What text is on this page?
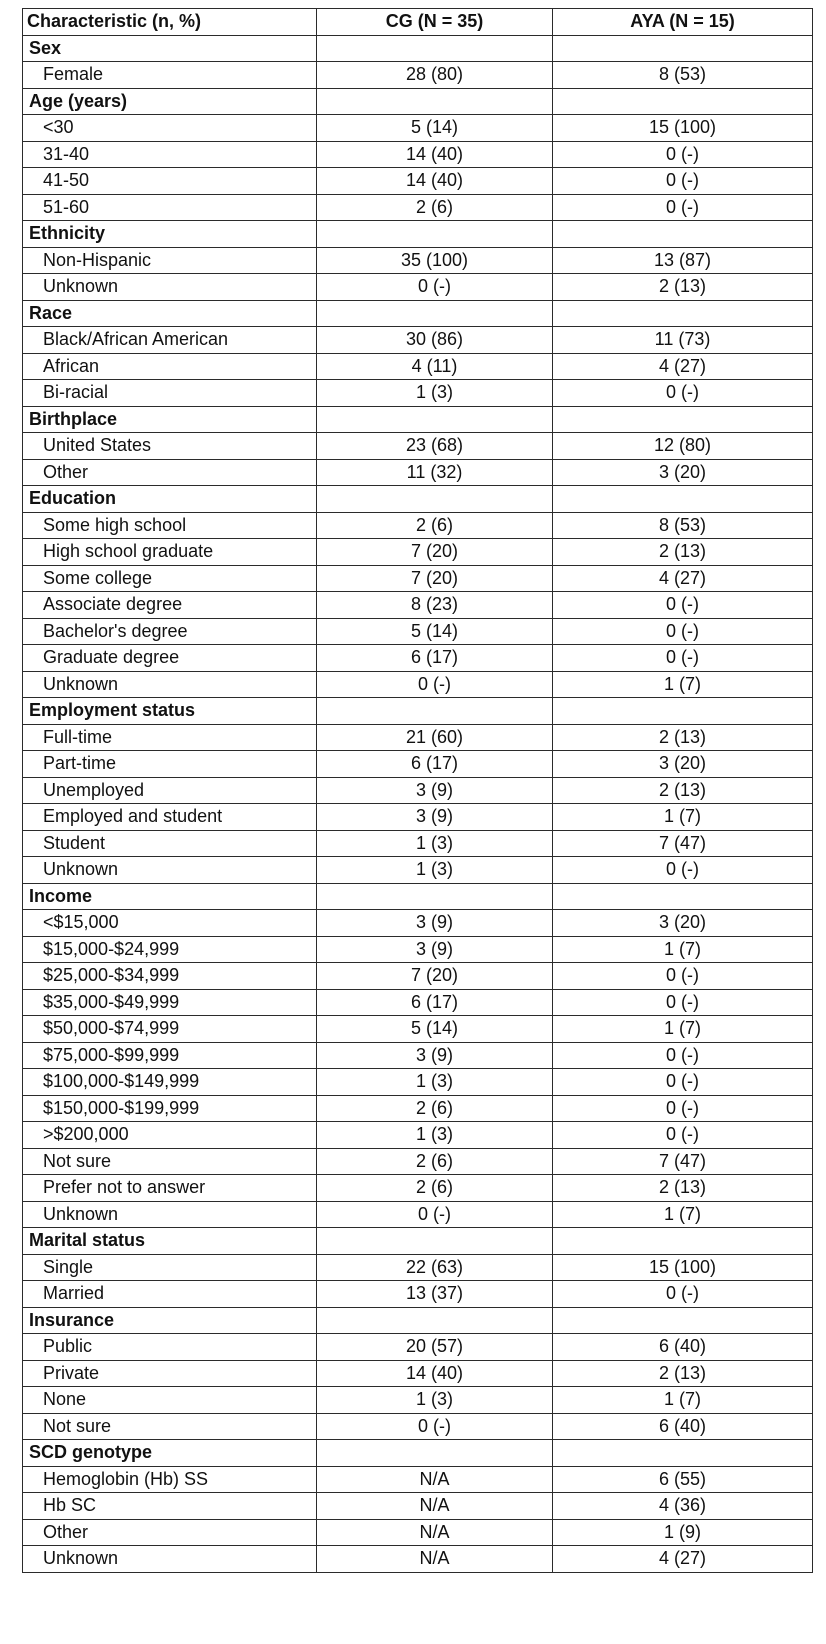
Characteristic (n, %)	CG (N = 35)	AYA (N = 15)
Sex		
Female	28 (80)	8 (53)
Age (years)		
<30	5 (14)	15 (100)
31-40	14 (40)	0 (-)
41-50	14 (40)	0 (-)
51-60	2 (6)	0 (-)
Ethnicity		
Non-Hispanic	35 (100)	13 (87)
Unknown	0 (-)	2 (13)
Race		
Black/African American	30 (86)	11 (73)
African	4 (11)	4 (27)
Bi-racial	1 (3)	0 (-)
Birthplace		
United States	23 (68)	12 (80)
Other	11 (32)	3 (20)
Education		
Some high school	2 (6)	8 (53)
High school graduate	7 (20)	2 (13)
Some college	7 (20)	4 (27)
Associate degree	8 (23)	0 (-)
Bachelor's degree	5 (14)	0 (-)
Graduate degree	6 (17)	0 (-)
Unknown	0 (-)	1 (7)
Employment status		
Full-time	21 (60)	2 (13)
Part-time	6 (17)	3 (20)
Unemployed	3 (9)	2 (13)
Employed and student	3 (9)	1 (7)
Student	1 (3)	7 (47)
Unknown	1 (3)	0 (-)
Income		
<$15,000	3 (9)	3 (20)
$15,000-$24,999	3 (9)	1 (7)
$25,000-$34,999	7 (20)	0 (-)
$35,000-$49,999	6 (17)	0 (-)
$50,000-$74,999	5 (14)	1 (7)
$75,000-$99,999	3 (9)	0 (-)
$100,000-$149,999	1 (3)	0 (-)
$150,000-$199,999	2 (6)	0 (-)
>$200,000	1 (3)	0 (-)
Not sure	2 (6)	7 (47)
Prefer not to answer	2 (6)	2 (13)
Unknown	0 (-)	1 (7)
Marital status		
Single	22 (63)	15 (100)
Married	13 (37)	0 (-)
Insurance		
Public	20 (57)	6 (40)
Private	14 (40)	2 (13)
None	1 (3)	1 (7)
Not sure	0 (-)	6 (40)
SCD genotype		
Hemoglobin (Hb) SS	N/A	6 (55)
Hb SC	N/A	4 (36)
Other	N/A	1 (9)
Unknown	N/A	4 (27)
